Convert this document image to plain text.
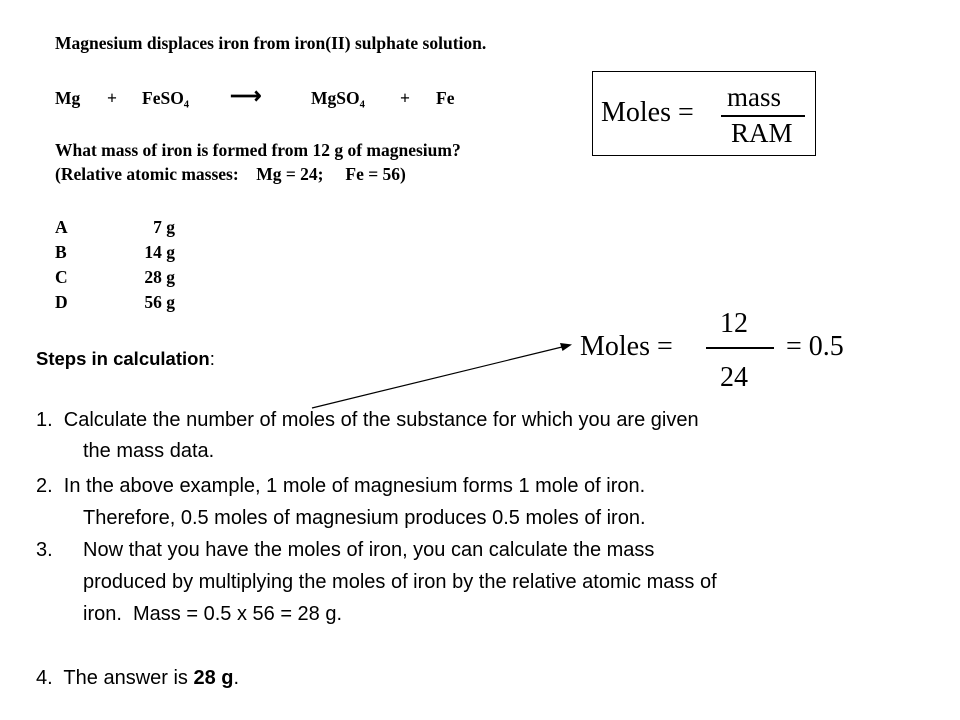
Magnesium displaces iron from iron(II) sulphate solution.
Mg + FeSO₄ ⟶	MgSO₄ + Fe
What mass of iron is formed from 12 g of magnesium?
(Relative atomic masses:    Mg = 24;     Fe = 56)
A	7 g
B	14 g
C	28 g
D	56 g
Moles = mass
RAM
Moles =
12
24
= 0.5
Steps in calculation:
1.  Calculate the number of moles of the substance for which you are given
the mass data.
2.  In the above example, 1 mole of magnesium forms 1 mole of iron.
Therefore, 0.5 moles of magnesium produces 0.5 moles of iron.
3. Now that you have the moles of iron, you can calculate the mass
produced by multiplying the moles of iron by the relative atomic mass of
iron.  Mass = 0.5 x 56 = 28 g.
4.  The answer is 28 g.
